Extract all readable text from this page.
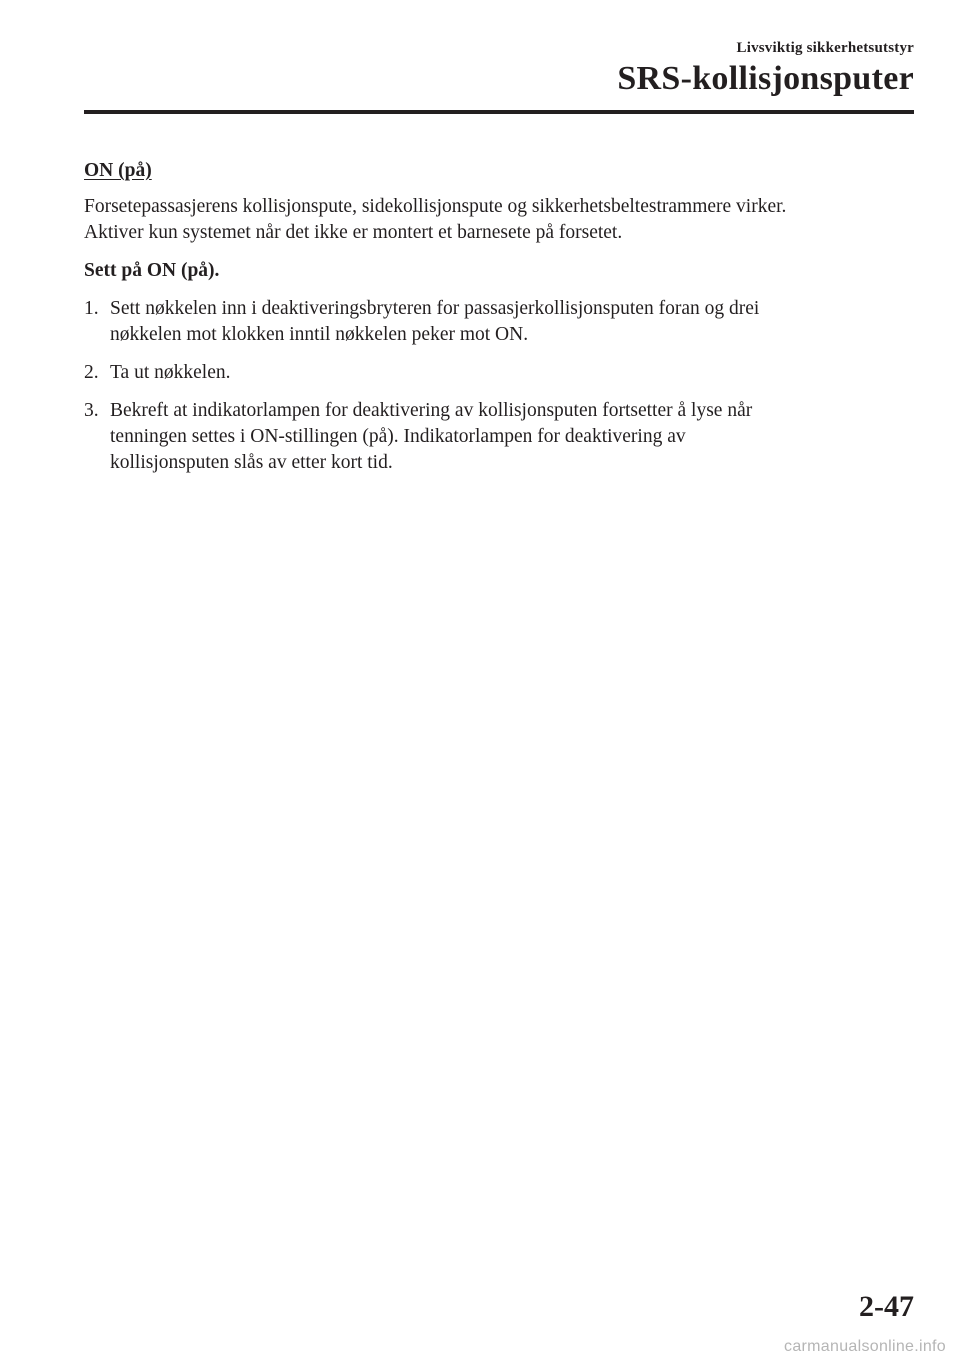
Livsviktig sikkerhetsutstyr
SRS-kollisjonsputer
ON (på)
Forsetepassasjerens kollisjonspute, sidekollisjonspute og sikkerhetsbeltestrammere virker.
Aktiver kun systemet når det ikke er montert et barnesete på forsetet.
Sett på ON (på).
1. Sett nøkkelen inn i deaktiveringsbryteren for passasjerkollisjonsputen foran og drei
nøkkelen mot klokken inntil nøkkelen peker mot ON.
2. Ta ut nøkkelen.
3. Bekreft at indikatorlampen for deaktivering av kollisjonsputen fortsetter å lyse når
tenningen settes i ON-stillingen (på). Indikatorlampen for deaktivering av
kollisjonsputen slås av etter kort tid.
2-47
carmanualsonline.info
